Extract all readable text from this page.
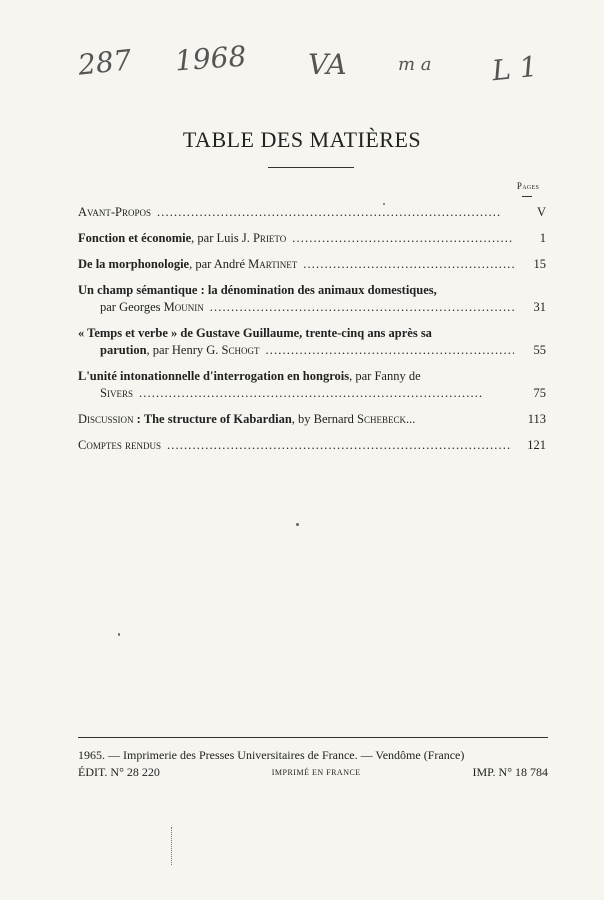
287 1968 VA	m a L 1
TABLE DES MATIÈRES
Pages
Avant-Propos . . .	V
Fonction et économie, par Luis J. Prieto . . .	1
De la morphonologie, par André Martinet . . .	15
Un champ sémantique : la dénomination des animaux domestiques,
par Georges Mounin . . .	31
« Temps et verbe » de Gustave Guillaume, trente-cinq ans après sa
parution, par Henry G. Schogt . . .	55
L'unité intonationnelle d'interrogation en hongrois, par Fanny de
Sivers . . .	75
Discussion : The structure of Kabardian, by Bernard Schebeck...	113
Comptes rendus . . .	121
1965. — Imprimerie des Presses Universitaires de France. — Vendôme (France)
ÉDIT. N° 28 220	IMPRIMÉ EN FRANCE	IMP. N° 18 784
